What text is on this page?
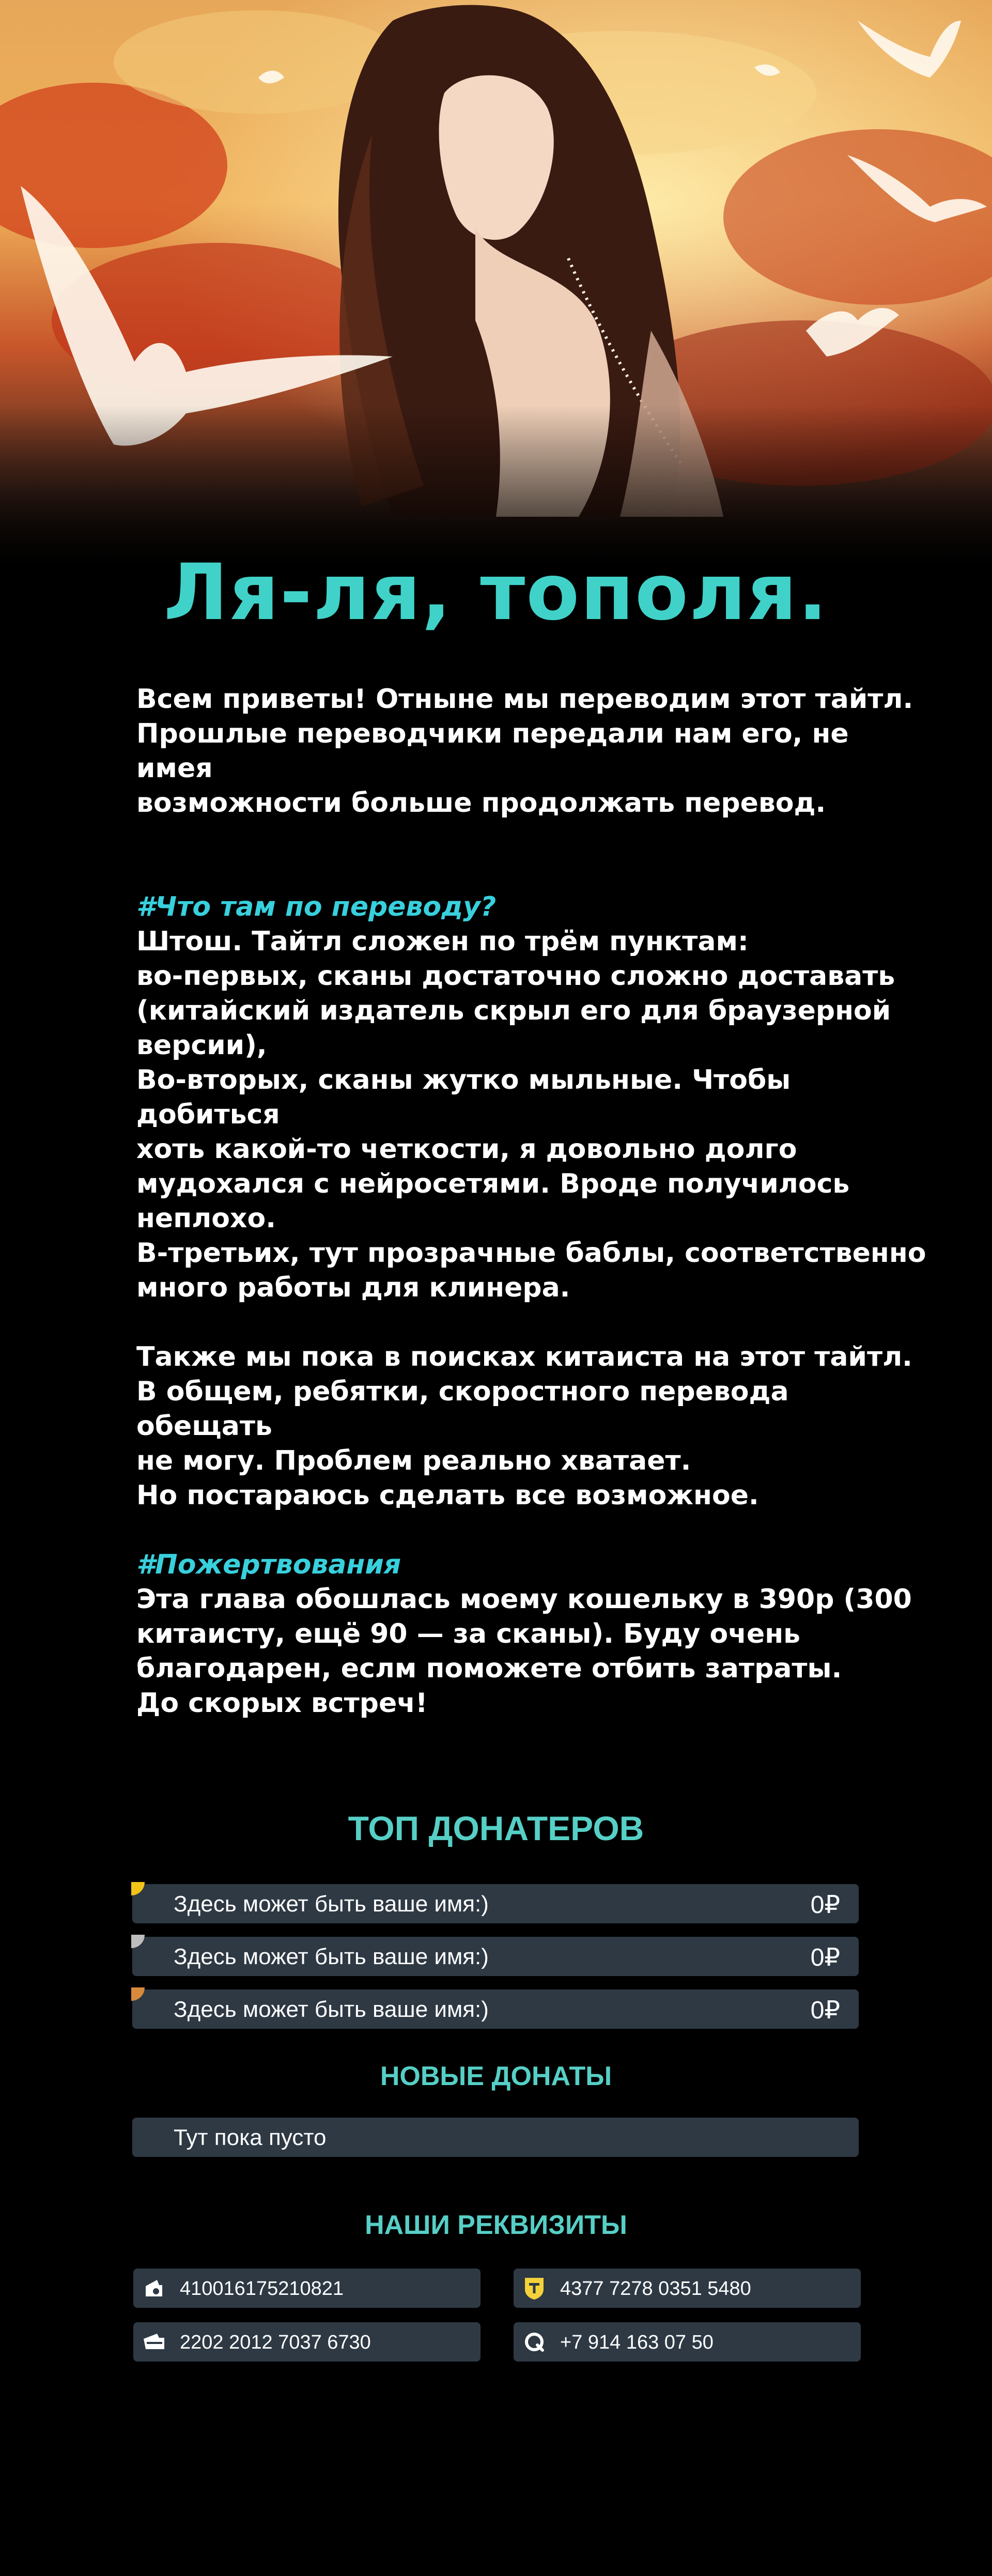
Ля-ля, тополя.

Всем приветы! Отныне мы переводим этот тайтл.

Прошлые переводчики передали нам его, не имея

возможности больше продолжать перевод.

#Что там по переводу?

Штош. Тайтл сложен по трём пунктам:

во-первых, сканы достаточно сложно доставать

(китайский издатель скрыл его для браузерной

версии),

Во-вторых, сканы жутко мыльные. Чтобы добиться

хоть какой-то четкости, я довольно долго

мудохался с нейросетями. Вроде получилось

неплохо.

В-третьих, тут прозрачные баблы, соответственно

много работы для клинера.

Также мы пока в поисках китаиста на этот тайтл.

В общем, ребятки, скоростного перевода обещать

не могу. Проблем реально хватает.

Но постараюсь сделать все возможное.

#Пожертвования

Эта глава обошлась моему кошельку в 390р (300

китаисту, ещё 90 — за сканы). Буду очень

благодарен, еслм поможете отбить затраты.

До скорых встреч!

ТОП ДОНАТЕРОВ
Здесь может быть ваше имя:)	0₽
Здесь может быть ваше имя:)	0₽
Здесь может быть ваше имя:)	0₽
НОВЫЕ ДОНАТЫ
Тут пока пусто
НАШИ РЕКВИЗИТЫ
410016175210821	4377 7278 0351 5480
2202 2012 7037 6730	+7 914 163 07 50
